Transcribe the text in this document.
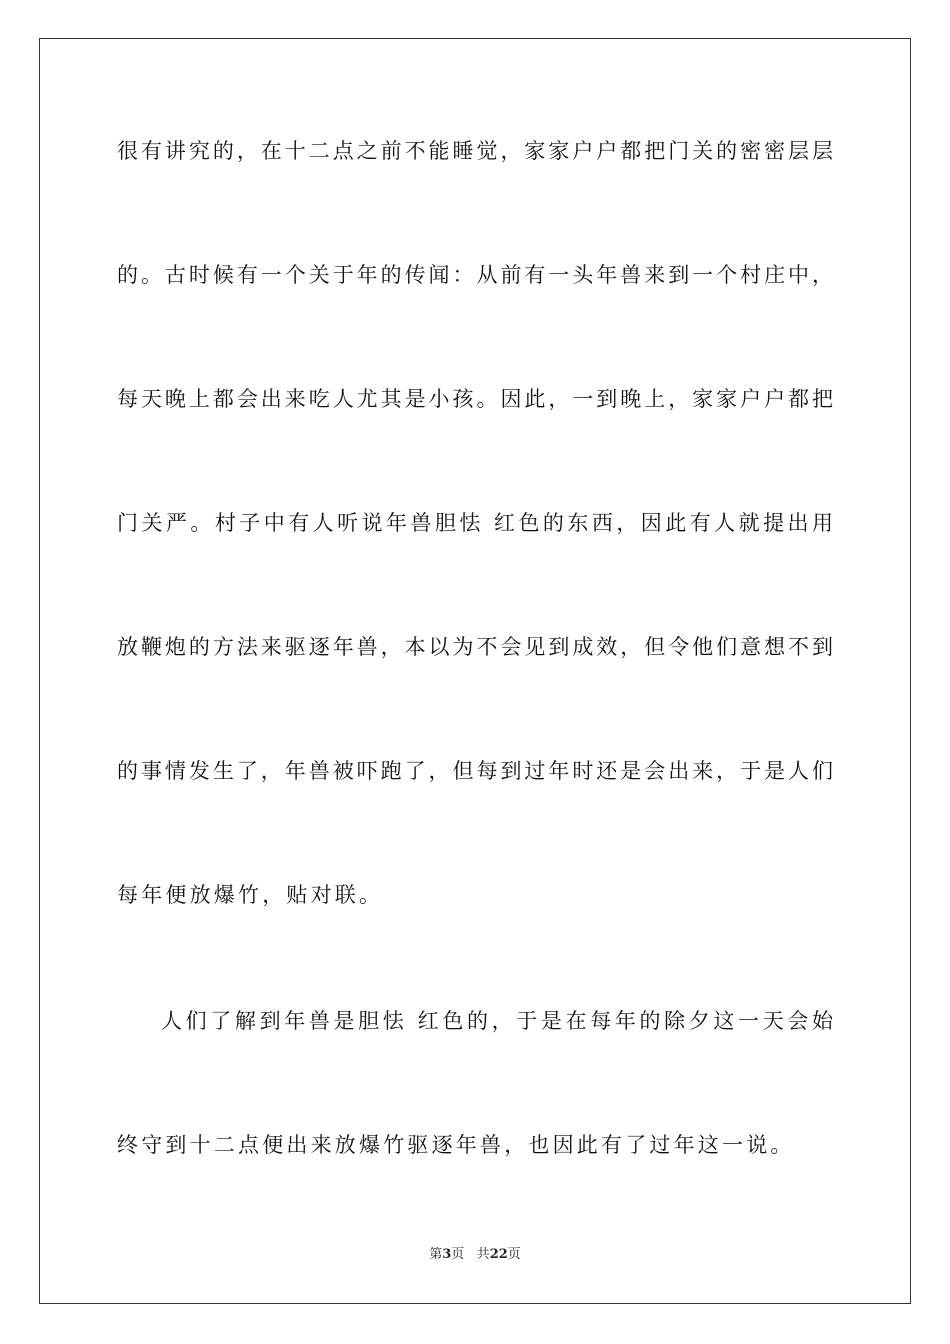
很有讲究的，在十二点之前不能睡觉，家家户户都把门关的密密层层
的。古时候有一个关于年的传闻：从前有一头年兽来到一个村庄中，
每天晚上都会出来吃人尤其是小孩。因此，一到晚上，家家户户都把
门关严。村子中有人听说年兽胆怯 红色的东西，因此有人就提出用
放鞭炮的方法来驱逐年兽，本以为不会见到成效，但令他们意想不到
的事情发生了，年兽被吓跑了，但每到过年时还是会出来，于是人们
每年便放爆竹，贴对联。
人们了解到年兽是胆怯 红色的，于是在每年的除夕这一天会始
终守到十二点便出来放爆竹驱逐年兽，也因此有了过年这一说。
第3页 共22页
